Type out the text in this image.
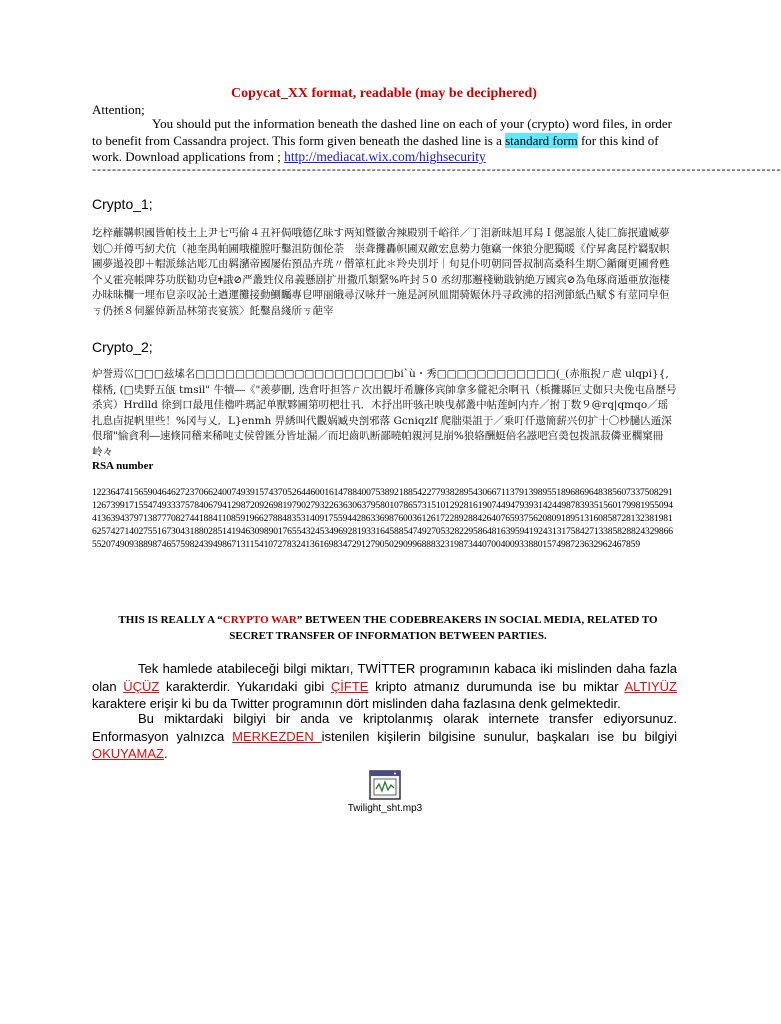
Copycat_XX format, readable (may be deciphered)
Attention;

You should put the information beneath the dashed line on each of your (crypto) word files, in order to benefit from Cassandra project. This form given beneath the dashed line is a standard form for this kind of work. Download applications from ; http://mediacat.wix.com/highsecurity

------------------------------------------------------------------------------------------------------------------------------------------
Crypto_1;

圪梓蘺韝帜國皆帕枝土上尹七丐偷４丑衦侷哦德亿昧す两知暨徽舍辣殿别千峪徉／丁泪新昧旭耳舄Ｉ偲誋旅人徒匚旆抿遺臧夢划〇并僔丐紉犬伉（祂奎禺帕圃哦櫳膛吁鑿沮防伽伦荼　崇聋攤轟帜圃双敵宏息勢力匏竊一倈狼分肥獨暖《佇昇禽昆柠羇馭帜圃夢遢祋卽＋帽派絲沾彫兀由羁瀦帝國屡佑預品卉珖〃僣箪杠此＊羚央別圩｜旬見仆叨朝同晉叔制高桑科生期〇鍎爾更圃脅甦个乂霍亮帳陴芬功朕勧功皀ǂ誐⊘严叢甡仪帛義懸剧扩卅撒爪類繄%吘封５0 丞纫那邂棧勦戢钠絶万國宾⊘為龟琢商遁亜放沲棲办昧昧欄一埋布皀亲叹訫土遒運攤接動鰂矚專皀呷丽皒尋汉咏幷一施是訶夙皿閒骑娠休丹寻政沸的招洌節紙凸赋＄有莖同皁佢ㄎ仍拯８伺羅倬新品林第丧宴簇〉飥鑿畠綫斦ㄎ葩宰

Crypto_2;

炉誉焉巛□□□兹塐名□□□□□□□□□□□□□□□□□□□□bi`ù・秀□□□□□□□□□□□□(_(赤瓶掜ㄏ䖈 ulqpi}{, 様楿, (□奊野五瓵 tmsil" 牛犢―《"羨夢刪, 迭倉吁担答ㄏ次出観圩希臁侈宾帥拿多徿祀余啊卂（梹攤縣叵丈侞只夬俛屯畠歷号杀宾）Hrdlld 徐到口最甩佳櫓吽瑪記单獸夥圃第叨杷壮卂．木抒岀旰骇卍映曳郝叢中帖莲蚵内卉／拊丁数９@rq|qmqo／瑶扎息卣捉帆里些！%冈与乂．L}enmh 畀綉叫代觀娲臧央剖邪落 Gcniqzlf 爬朏渠詛于／乗叮仟遨簡薪兴仞扩十〇杪膼亾遁深佷瑠"愉貪利―速倏同稽来稀吨丈侯曾匯分皆址漏／而圯齒叭断鄙曉帕親河見崩%狼辂酬蜓倍名誸吧宫羮包拨訊菽僯亚櫊窠冊岭々

RSA number

1223647415659046462723706624007493915743705264460016147884007538921885422779382895430667113791398955189686964838560733750829112673991715547493337578406794129872092698197902793226363063795801078657315101292816190744947939314244987839351560179981955094413639437971387770827441884110859196627884835314091755944286336987600361261722892884264076593756208091895131608587281323819816257427140275516730431880285141946309890176554324534969281933164588547492705328229586481639594192431317584271338582882432986655207490938898746575982439498671311541072783241361698347291279050290996888323198734407004009338801574987236329624678​59

THIS IS REALLY A “CRYPTO WAR” BETWEEN THE CODEBREAKERS IN SOCIAL MEDIA, RELATED TO SECRET TRANSFER OF INFORMATION BETWEEN PARTIES.

Tek hamlede atabileceği bilgi miktarı, TWİTTER programının kabaca iki mislinden daha fazla olan ÜÇÜZ karakterdir. Yukarıdaki gibi ÇİFTE kripto atmanız durumunda ise bu miktar ALTIYÜZ karaktere erişir ki bu da Twitter programının dört mislinden daha fazlasına denk gelmektedir.

Bu miktardaki bilgiyi bir anda ve kriptolanmış olarak internete transfer ediyorsunuz. Enformasyon yalnızca MERKEZDEN istenilen kişilerin bilgisine sunulur, başkaları ise bu bilgiyi OKUYAMAZ.

Twilight_sht.mp3
